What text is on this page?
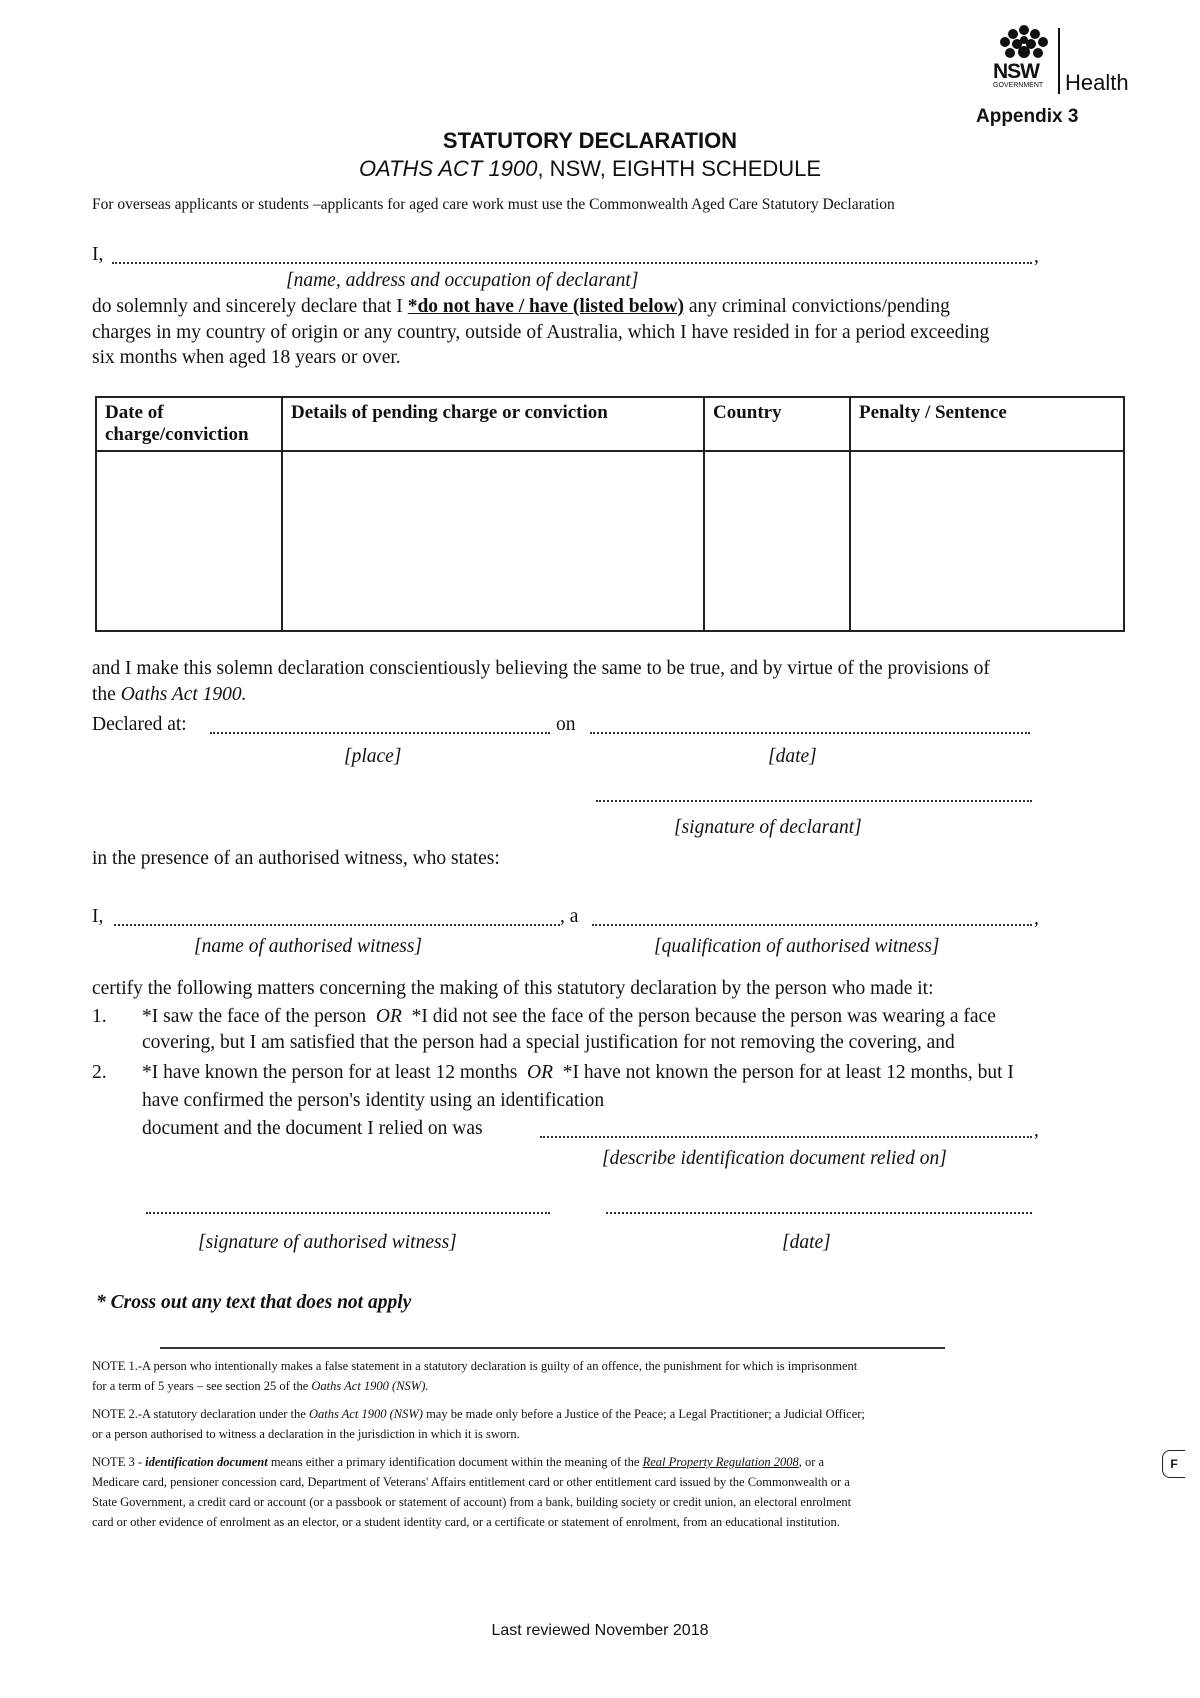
NSW
GOVERNMENT Health
Appendix 3
STATUTORY DECLARATION
OATHS ACT 1900, NSW, EIGHTH SCHEDULE
For overseas applicants or students –applicants for aged care work must use the Commonwealth Aged Care Statutory Declaration
I,	,
[name, address and occupation of declarant]
do solemnly and sincerely declare that I *do not have / have (listed below) any criminal convictions/pending
charges in my country of origin or any country, outside of Australia, which I have resided in for a period exceeding
six months when aged 18 years or over.
Date of charge/conviction	Details of pending charge or conviction	Country	Penalty / Sentence

and I make this solemn declaration conscientiously believing the same to be true, and by virtue of the provisions of
the Oaths Act 1900.
Declared at:	on
[place]	[date]
[signature of declarant]
in the presence of an authorised witness, who states:
I,	, a	,
[name of authorised witness]	[qualification of authorised witness]
certify the following matters concerning the making of this statutory declaration by the person who made it:
1. *I saw the face of the person OR *I did not see the face of the person because the person was wearing a face
covering, but I am satisfied that the person had a special justification for not removing the covering, and
2. *I have known the person for at least 12 months OR *I have not known the person for at least 12 months, but I
have confirmed the person's identity using an identification
document and the document I relied on was	,
[describe identification document relied on]
[signature of authorised witness]	[date]
* Cross out any text that does not apply
NOTE 1.-A person who intentionally makes a false statement in a statutory declaration is guilty of an offence, the punishment for which is imprisonment
for a term of 5 years – see section 25 of the Oaths Act 1900 (NSW).
NOTE 2.-A statutory declaration under the Oaths Act 1900 (NSW) may be made only before a Justice of the Peace; a Legal Practitioner; a Judicial Officer;
or a person authorised to witness a declaration in the jurisdiction in which it is sworn.
NOTE 3 - identification document means either a primary identification document within the meaning of the Real Property Regulation 2008, or a
Medicare card, pensioner concession card, Department of Veterans' Affairs entitlement card or other entitlement card issued by the Commonwealth or a
State Government, a credit card or account (or a passbook or statement of account) from a bank, building society or credit union, an electoral enrolment
card or other evidence of enrolment as an elector, or a student identity card, or a certificate or statement of enrolment, from an educational institution.
F
Last reviewed November 2018
